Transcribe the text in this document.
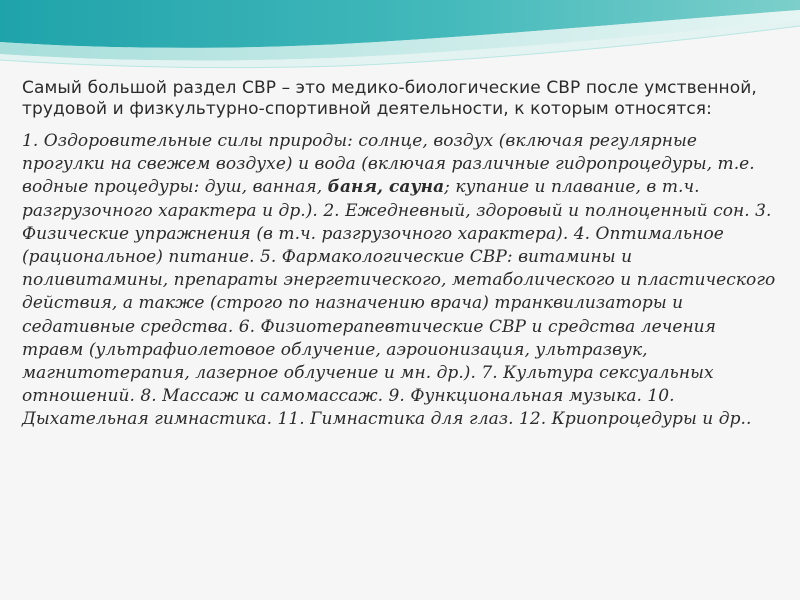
Самый большой раздел СВР – это медико-биологические СВР после умственной, трудовой и физкультурно-спортивной деятельности, к которым относятся:

1. Оздоровительные силы природы: солнце, воздух (включая регулярные прогулки на свежем воздухе) и вода (включая различные гидропроцедуры, т.е. водные процедуры: душ, ванная, баня, сауна; купание и плавание, в т.ч. разгрузочного характера и др.). 2. Ежедневный, здоровый и полноценный сон. 3. Физические упражнения (в т.ч. разгрузочного характера). 4. Оптимальное (рациональное) питание. 5. Фармакологические СВР: витамины и поливитамины, препараты энергетического, метаболического и пластического действия, а также (строго по назначению врача) транквилизаторы и седативные средства. 6. Физиотерапевтические СВР и средства лечения травм (ультрафиолетовое облучение, аэроионизация, ультразвук, магнитотерапия, лазерное облучение и мн. др.). 7. Культура сексуальных отношений. 8. Массаж и самомассаж. 9. Функциональная музыка. 10. Дыхательная гимнастика. 11. Гимнастика для глаз. 12. Криопроцедуры и др..
